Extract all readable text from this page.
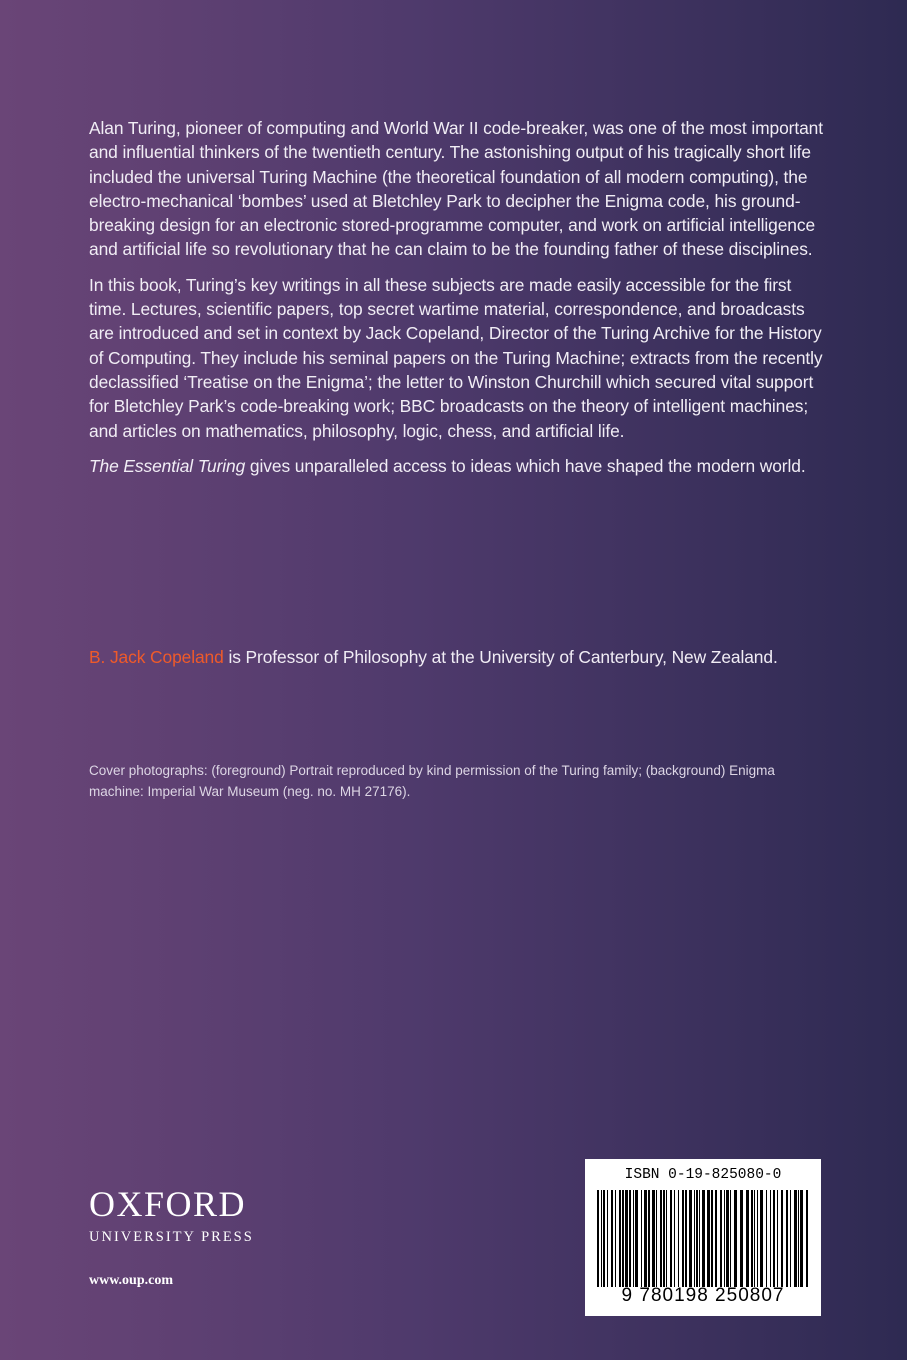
Alan Turing, pioneer of computing and World War II code-breaker, was one of the most important and influential thinkers of the twentieth century. The astonishing output of his tragically short life included the universal Turing Machine (the theoretical foundation of all modern computing), the electro-mechanical ‘bombes’ used at Bletchley Park to decipher the Enigma code, his ground-breaking design for an electronic stored-programme computer, and work on artificial intelligence and artificial life so revolutionary that he can claim to be the founding father of these disciplines.

In this book, Turing’s key writings in all these subjects are made easily accessible for the first time. Lectures, scientific papers, top secret wartime material, correspondence, and broadcasts are introduced and set in context by Jack Copeland, Director of the Turing Archive for the History of Computing. They include his seminal papers on the Turing Machine; extracts from the recently declassified ‘Treatise on the Enigma’; the letter to Winston Churchill which secured vital support for Bletchley Park’s code-breaking work; BBC broadcasts on the theory of intelligent machines; and articles on mathematics, philosophy, logic, chess, and artificial life.

The Essential Turing gives unparalleled access to ideas which have shaped the modern world.

B. Jack Copeland is Professor of Philosophy at the University of Canterbury, New Zealand.
Cover photographs: (foreground) Portrait reproduced by kind permission of the Turing family; (background) Enigma machine: Imperial War Museum (neg. no. MH 27176).
OXFORD
UNIVERSITY PRESS
www.oup.com
ISBN 0-19-825080-0
9 780198 250807
